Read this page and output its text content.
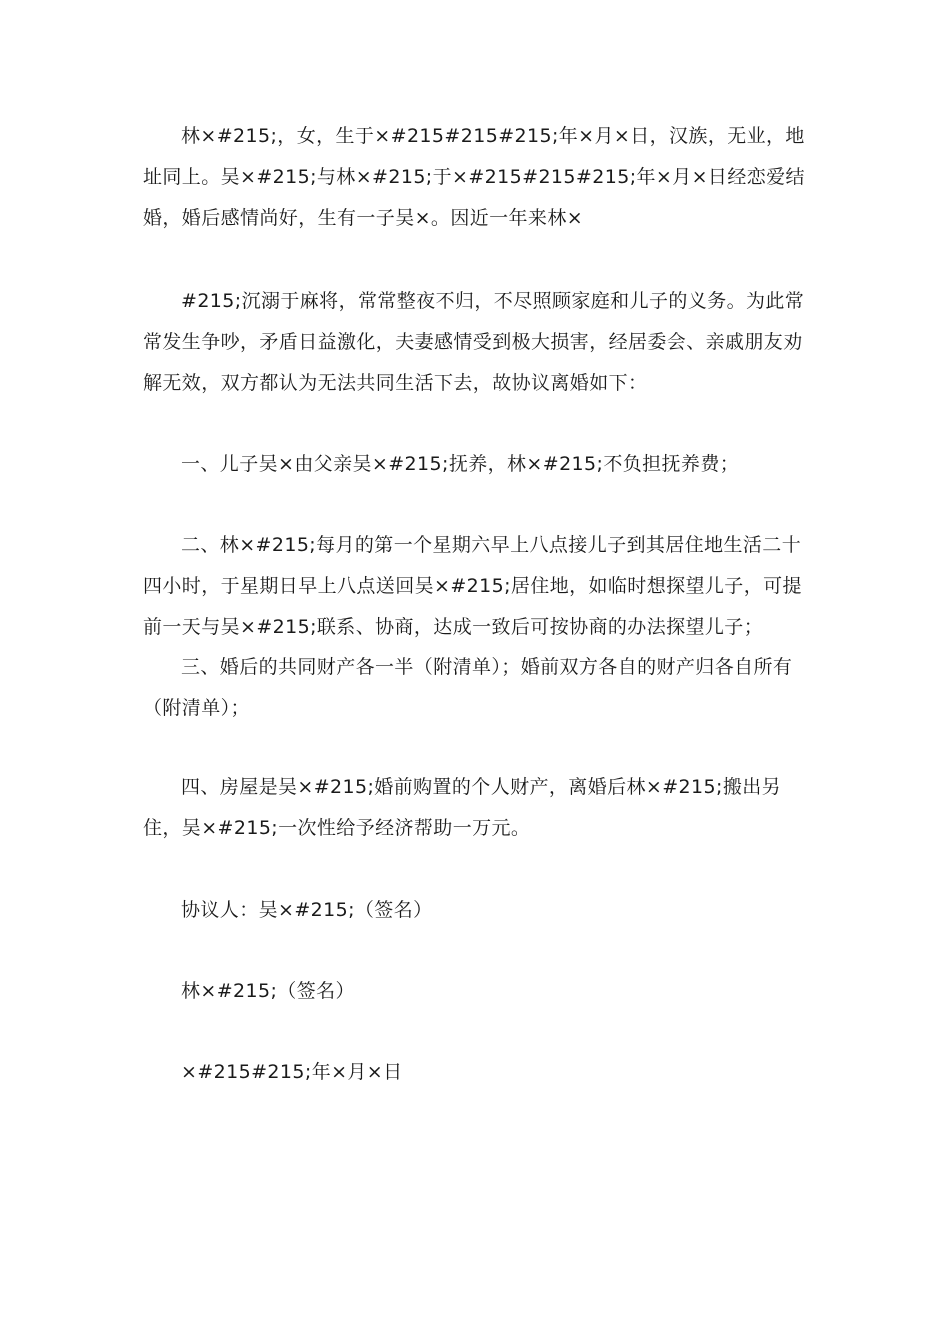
林×#215;，女，生于×#215#215#215;年×月×日，汉族，无业，地址同上。吴×#215;与林×#215;于×#215#215#215;年×月×日经恋爱结婚，婚后感情尚好，生有一子吴×。因近一年来林×

#215;沉溺于麻将，常常整夜不归，不尽照顾家庭和儿子的义务。为此常常发生争吵，矛盾日益激化，夫妻感情受到极大损害，经居委会、亲戚朋友劝解无效，双方都认为无法共同生活下去，故协议离婚如下：

一、儿子吴×由父亲吴×#215;抚养，林×#215;不负担抚养费；

二、林×#215;每月的第一个星期六早上八点接儿子到其居住地生活二十四小时，于星期日早上八点送回吴×#215;居住地，如临时想探望儿子，可提前一天与吴×#215;联系、协商，达成一致后可按协商的办法探望儿子；

三、婚后的共同财产各一半（附清单）；婚前双方各自的财产归各自所有（附清单）；

四、房屋是吴×#215;婚前购置的个人财产，离婚后林×#215;搬出另住，吴×#215;一次性给予经济帮助一万元。

协议人：吴×#215;（签名）

林×#215;（签名）

×#215#215;年×月×日
